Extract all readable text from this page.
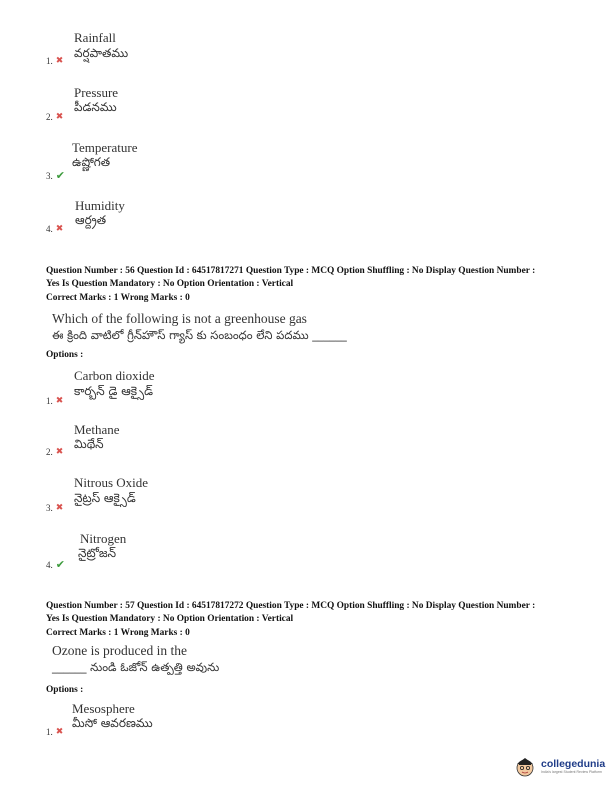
Rainfall
వర్షపాతము
1. ✖
Pressure
పీడనము
2. ✖
Temperature
ఉష్ణోగత
3. ✔
Humidity
ఆర్ద్రత
4. ✖
Question Number : 56 Question Id : 64517817271 Question Type : MCQ Option Shuffling : No Display Question Number :
Yes Is Question Mandatory : No Option Orientation : Vertical
Correct Marks : 1 Wrong Marks : 0
Which of the following is not a greenhouse gas
ఈ క్రింది వాటిలో గ్రీన్‌హౌస్ గ్యాస్ కు సంబంధం లేని పదము ______
Options :
Carbon dioxide
కార్బన్ డై ఆక్సైడ్
1. ✖
Methane
మిథేన్
2. ✖
Nitrous Oxide
నైట్రస్ ఆక్సైడ్
3. ✖
Nitrogen
నైట్రోజన్
4. ✔
Question Number : 57 Question Id : 64517817272 Question Type : MCQ Option Shuffling : No Display Question Number :
Yes Is Question Mandatory : No Option Orientation : Vertical
Correct Marks : 1 Wrong Marks : 0
Ozone is produced in the
______ నుండి ఓజోన్ ఉత్పత్తి అవును
Options :
Mesosphere
మీసో ఆవరణము
1. ✖
collegedunia
India's largest Student Review Platform
